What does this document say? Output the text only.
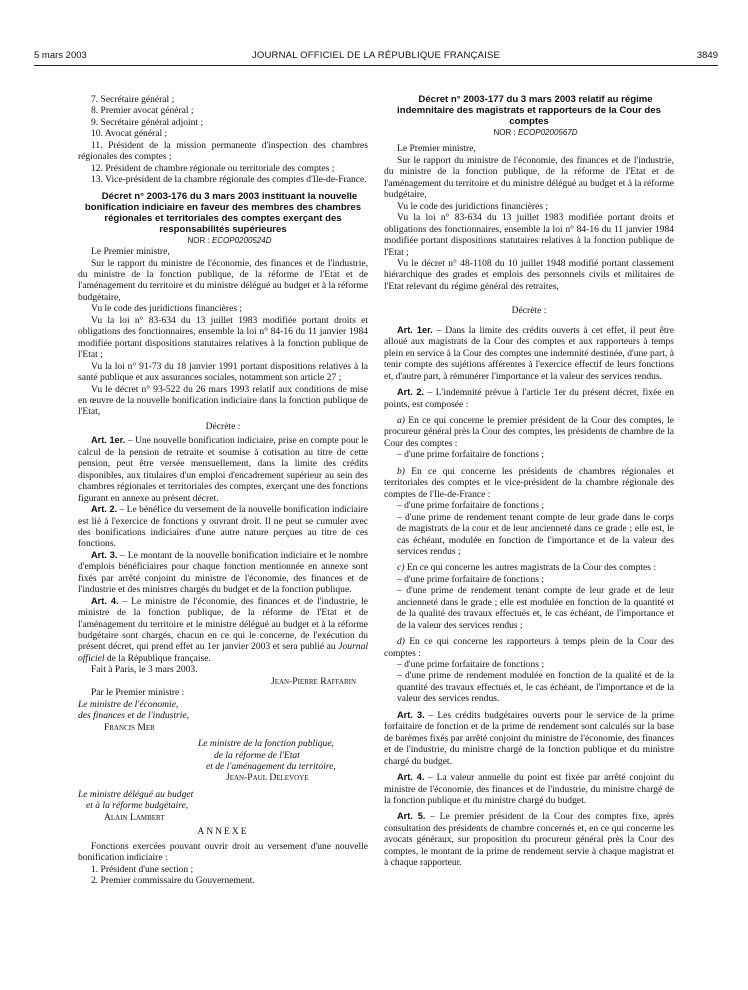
5 mars 2003	JOURNAL OFFICIEL DE LA RÉPUBLIQUE FRANÇAISE	3849

7. Secrétaire général ;

8. Premier avocat général ;

9. Secrétaire général adjoint ;

10. Avocat général ;

11. Président de la mission permanente d'inspection des chambres régionales des comptes ;

12. Président de chambre régionale ou territoriale des comptes ;

13. Vice-président de la chambre régionale des comptes d'Ile-de-France.

Décret n° 2003-176 du 3 mars 2003 instituant la nouvelle bonification indiciaire en faveur des membres des chambres régionales et territoriales des comptes exerçant des responsabilités supérieures

NOR : ECOP0200524D

Le Premier ministre,

Sur le rapport du ministre de l'économie, des finances et de l'industrie, du ministre de la fonction publique, de la réforme de l'Etat et de l'aménagement du territoire et du ministre délégué au budget et à la réforme budgétaire,

Vu le code des juridictions financières ;

Vu la loi n° 83-634 du 13 juillet 1983 modifiée portant droits et obligations des fonctionnaires, ensemble la loi n° 84-16 du 11 janvier 1984 modifiée portant dispositions statutaires relatives à la fonction publique de l'Etat ;

Vu la loi n° 91-73 du 18 janvier 1991 portant dispositions relatives à la santé publique et aux assurances sociales, notamment son article 27 ;

Vu le décret n° 93-522 du 26 mars 1993 relatif aux conditions de mise en œuvre de la nouvelle bonification indiciaire dans la fonction publique de l'Etat,

Décrète :

Art. 1er. – Une nouvelle bonification indiciaire, prise en compte pour le calcul de la pension de retraite et soumise à cotisation au titre de cette pension, peut être versée mensuellement, dans la limite des crédits disponibles, aux titulaires d'un emploi d'encadrement supérieur au sein des chambres régionales et territoriales des comptes, exerçant une des fonctions figurant en annexe au présent décret.

Art. 2. – Le bénéfice du versement de la nouvelle bonification indiciaire est lié à l'exercice de fonctions y ouvrant droit. Il ne peut se cumuler avec des bonifications indiciaires d'une autre nature perçues au titre de ces fonctions.

Art. 3. – Le montant de la nouvelle bonification indiciaire et le nombre d'emplois bénéficiaires pour chaque fonction mentionnée en annexe sont fixés par arrêté conjoint du ministre de l'économie, des finances et de l'industrie et des ministres chargés du budget et de la fonction publique.

Art. 4. – Le ministre de l'économie, des finances et de l'industrie, le ministre de la fonction publique, de la réforme de l'Etat et de l'aménagement du territoire et le ministre délégué au budget et à la réforme budgétaire sont chargés, chacun en ce qui le concerne, de l'exécution du présent décret, qui prend effet au 1er janvier 2003 et sera publié au Journal officiel de la République française.

Fait à Paris, le 3 mars 2003.

Jean-Pierre Raffarin

Par le Premier ministre :

Le ministre de l'économie,

des finances et de l'industrie,

Francis Mer

Le ministre de la fonction publique,

de la réforme de l'Etat

et de l'aménagement du territoire,

Jean-Paul Delevoye

Le ministre délégué au budget

et à la réforme budgétaire,

Alain Lambert

ANNEXE

Fonctions exercées pouvant ouvrir droit au versement d'une nouvelle bonification indiciaire :

1. Président d'une section ;

2. Premier commissaire du Gouvernement.

Décret n° 2003-177 du 3 mars 2003 relatif au régime indemnitaire des magistrats et rapporteurs de la Cour des comptes

NOR : ECOP0200567D

Le Premier ministre,

Sur le rapport du ministre de l'économie, des finances et de l'industrie, du ministre de la fonction publique, de la réforme de l'Etat et de l'aménagement du territoire et du ministre délégué au budget et à la réforme budgétaire,

Vu le code des juridictions financières ;

Vu la loi n° 83-634 du 13 juillet 1983 modifiée portant droits et obligations des fonctionnaires, ensemble la loi n° 84-16 du 11 janvier 1984 modifiée portant dispositions statutaires relatives à la fonction publique de l'Etat ;

Vu le décret n° 48-1108 du 10 juillet 1948 modifié portant classement hiérarchique des grades et emplois des personnels civils et militaires de l'Etat relevant du régime général des retraites,

Décrète :

Art. 1er. – Dans la limite des crédits ouverts à cet effet, il peut être alloué aux magistrats de la Cour des comptes et aux rapporteurs à temps plein en service à la Cour des comptes une indemnité destinée, d'une part, à tenir compte des sujétions afférentes à l'exercice effectif de leurs fonctions et, d'autre part, à rémunérer l'importance et la valeur des services rendus.

Art. 2. – L'indemnité prévue à l'article 1er du présent décret, fixée en points, est composée :

a) En ce qui concerne le premier président de la Cour des comptes, le procureur général près la Cour des comptes, les présidents de chambre de la Cour des comptes :

– d'une prime forfaitaire de fonctions ;

b) En ce qui concerne les présidents de chambres régionales et territoriales des comptes et le vice-président de la chambre régionale des comptes de l'Ile-de-France :

– d'une prime forfaitaire de fonctions ;

– d'une prime de rendement tenant compte de leur grade dans le corps de magistrats de la cour et de leur ancienneté dans ce grade ; elle est, le cas échéant, modulée en fonction de l'importance et de la valeur des services rendus ;

c) En ce qui concerne les autres magistrats de la Cour des comptes :

– d'une prime forfaitaire de fonctions ;

– d'une prime de rendement tenant compte de leur grade et de leur ancienneté dans le grade ; elle est modulée en fonction de la quantité et de la qualité des travaux effectués et, le cas échéant, de l'importance et de la valeur des services rendus ;

d) En ce qui concerne les rapporteurs à temps plein de la Cour des comptes :

– d'une prime forfaitaire de fonctions ;

– d'une prime de rendement modulée en fonction de la qualité et de la quantité des travaux effectués et, le cas échéant, de l'importance et de la valeur des services rendus.

Art. 3. – Les crédits budgétaires ouverts pour le service de la prime forfaitaire de fonction et de la prime de rendement sont calculés sur la base de barèmes fixés par arrêté conjoint du ministre de l'économie, des finances et de l'industrie, du ministre chargé de la fonction publique et du ministre chargé du budget.

Art. 4. – La valeur annuelle du point est fixée par arrêté conjoint du ministre de l'économie, des finances et de l'industrie, du ministre chargé de la fonction publique et du ministre chargé du budget.

Art. 5. – Le premier président de la Cour des comptes fixe, après consultation des présidents de chambre concernés et, en ce qui concerne les avocats généraux, sur proposition du procureur général près la Cour des comptes, le montant de la prime de rendement servie à chaque magistrat et à chaque rapporteur.
